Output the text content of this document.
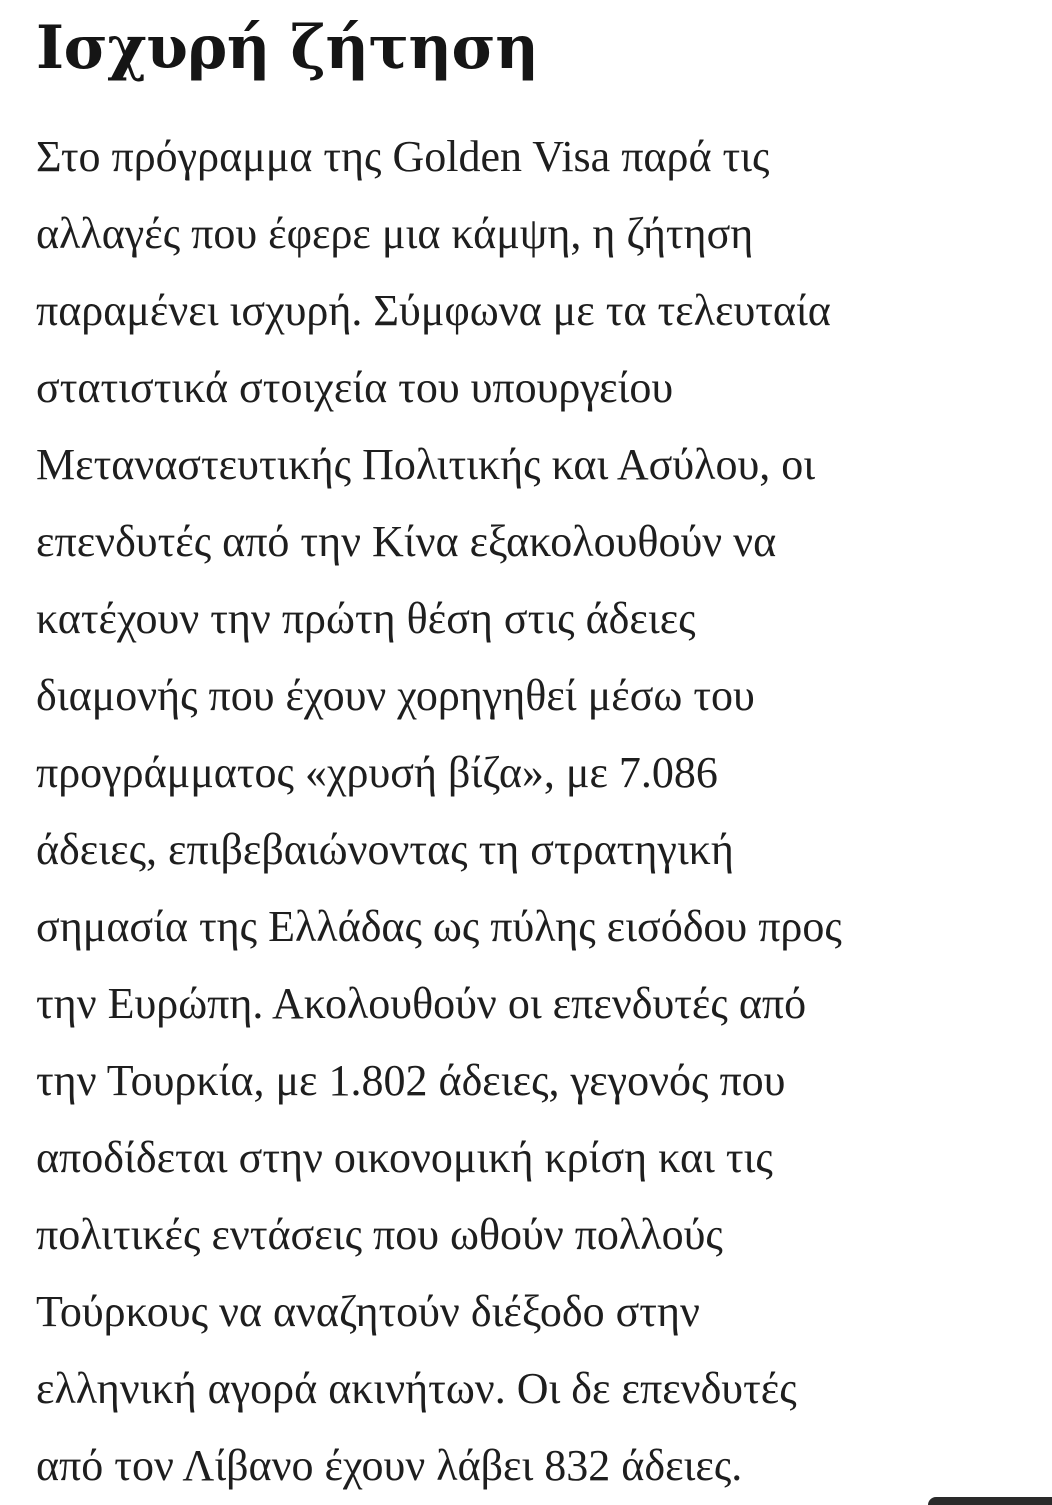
Ισχυρή ζήτηση

Στο πρόγραμμα της Golden Visa παρά τις
αλλαγές που έφερε μια κάμψη, η ζήτηση
παραμένει ισχυρή. Σύμφωνα με τα τελευταία
στατιστικά στοιχεία του υπουργείου
Μεταναστευτικής Πολιτικής και Ασύλου, οι
επενδυτές από την Κίνα εξακολουθούν να
κατέχουν την πρώτη θέση στις άδειες
διαμονής που έχουν χορηγηθεί μέσω του
προγράμματος «χρυσή βίζα», με 7.086
άδειες, επιβεβαιώνοντας τη στρατηγική
σημασία της Ελλάδας ως πύλης εισόδου προς
την Ευρώπη. Ακολουθούν οι επενδυτές από
την Τουρκία, με 1.802 άδειες, γεγονός που
αποδίδεται στην οικονομική κρίση και τις
πολιτικές εντάσεις που ωθούν πολλούς
Τούρκους να αναζητούν διέξοδο στην
ελληνική αγορά ακινήτων. Οι δε επενδυτές
από τον Λίβανο έχουν λάβει 832 άδειες.
